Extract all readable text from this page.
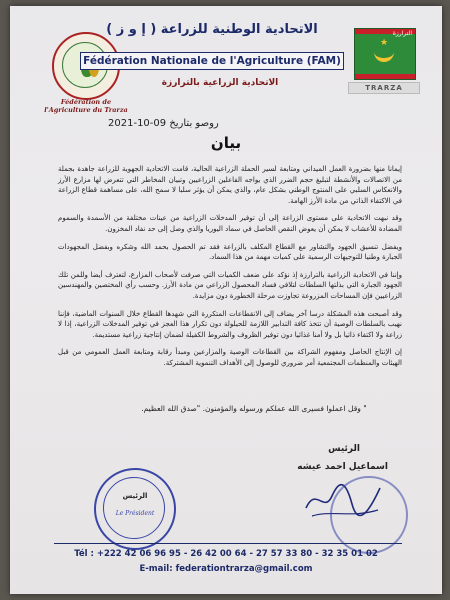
Fédération de l'Agriculture du Trarza
الاتحادية الوطنية للزراعة ( إ و ز )
Fédération Nationale de l'Agriculture (FAM)
الاتحادية الزراعية بالترارزة
★
الترارزة
TRARZA
روصو بتاريخ 09-10-2021
بيان

إيمانا منها بضرورة العمل الميداني ومتابعة لسير الحملة الزراعية الحالية، قامت الاتحادية الجهوية للزراعة جاهدة بجملة من الاتصالات والأنشطة لتبليغ حجم الضرر الذي يواجه الفاعلين الزراعيين وتبيان المخاطر التي تتعرض لها مزارع الأرز والانعكاس السلبي على المنتوج الوطني بشكل عام، والذي يمكن أن يؤثر سلبا لا سمح الله، على مساهمة قطاع الزراعة في الاكتفاء الذاتي من مادة الأرز الهامة.

وقد نبهت الاتحادية على مستوى الزراعة إلى أن توفير المدخلات الزراعية من عينات مختلفة من الأسمدة والسموم المضادة للأعشاب لا يمكن أن يعوض النقص الحاصل في سماد اليوريا والذي وصل إلى حد نفاد المخزون.

ويفضل تنسيق الجهود والتشاور مع القطاع المكلف بالزراعة فقد تم الحصول بحمد الله وشكره وبفضل المجهودات الجبارة وطنيا للتوجيهات الرسمية على كميات مهمة من هذا السماد.

وإننا في الاتحادية الزراعية بالترارزة إذ نؤكد على ضعف الكميات التي صرفت لأصحاب المزارع، لتعترف أيضا وللمن تلك الجهود الجبارة التي بذلتها السلطات لتلافي فساد المحصول الزراعي من مادة الأرز. وحسب رأي المختصين والمهندسين الزراعيين فإن المساحات المزروعة تجاوزت مرحلة الخطورة دون مزايدة.

وقد أصبحت هذه المشكلة درسا آخر يضاف إلى الانقطاعات المتكررة التي شهدها القطاع خلال السنوات الماضية، فإننا نهيب بالسلطات الوصية أن تتخذ كافة التدابير اللازمة للحيلولة دون تكرار هذا العجز في توفير المدخلات الزراعية، إذا لا زراعة ولا اكتفاء ذاتيا بل ولا أمنا غذائيا دون توفير الظروف والشروط الكفيلة لضمان إنتاجية زراعية مستديمة.

إن الإنتاج الحاصل ومفهوم الشراكة بين القطاعات الوصية والمزارعين ومبدأ رقابة ومتابعة العمل العمومي من قبل الهيئات والمنظمات المجتمعية أمر ضروري للوصول إلى الأهداف التنموية المشتركة.

" وقل اعملوا فسيرى الله عملكم ورسوله والمؤمنون. "صدق الله العظيم.
الرئيس
اسماعيل احمد عيشه
الرئيس
Le Président
Tél : +222 42 06 96 95 - 26 42 00 64 - 27 57 33 80 - 32 35 01 02
E-mail: federationtrarza@gmail.com
